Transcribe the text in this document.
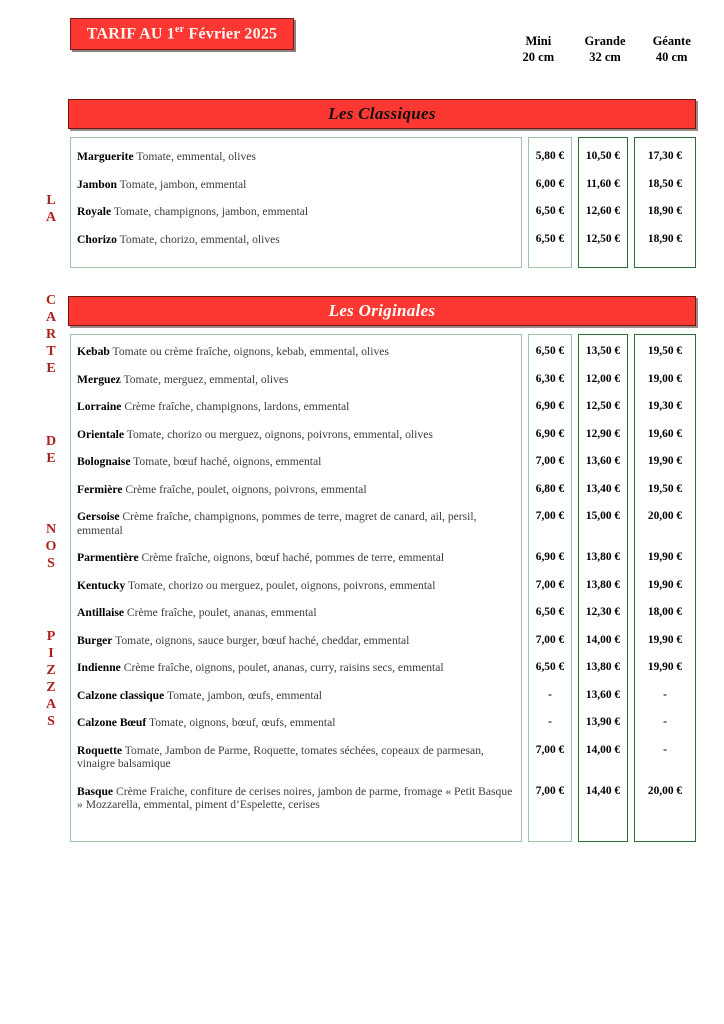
TARIF AU 1er Février 2025	Mini
20 cm
Grande
32 cm
Géante
40 cm
L
A
C
A
R
T
E
D
E
N
O
S
P
I
Z
Z
A
S
Les Classiques
Marguerite Tomate, emmental, olives
Jambon Tomate, jambon, emmental
Royale Tomate, champignons, jambon, emmental
Chorizo Tomate, chorizo, emmental, olives
5,80 €
6,00 €
6,50 €
6,50 €
10,50 €
11,60 €
12,60 €
12,50 €
17,30 €
18,50 €
18,90 €
18,90 €
Les Originales
Kebab Tomate ou crème fraîche, oignons, kebab, emmental, olives
Merguez Tomate, merguez, emmental, olives
Lorraine Crème fraîche, champignons, lardons, emmental
Orientale Tomate, chorizo ou merguez, oignons, poivrons, emmental, olives
Bolognaise Tomate, bœuf haché, oignons, emmental
Fermière Crème fraîche, poulet, oignons, poivrons, emmental
Gersoise Crème fraîche, champignons, pommes de terre, magret de canard, ail, persil, emmental
Parmentière Crème fraîche, oignons, bœuf haché, pommes de terre, emmental
Kentucky Tomate, chorizo ou merguez, poulet, oignons, poivrons, emmental
Antillaise Crème fraîche, poulet, ananas, emmental
Burger Tomate, oignons, sauce burger, bœuf haché, cheddar, emmental
Indienne Crème fraîche, oignons, poulet, ananas, curry, raisins secs, emmental
Calzone classique Tomate, jambon, œufs, emmental
Calzone Bœuf Tomate, oignons, bœuf, œufs, emmental
Roquette Tomate, Jambon de Parme, Roquette, tomates séchées, copeaux de parmesan, vinaigre balsamique
Basque Crème Fraiche, confiture de cerises noires, jambon de parme, fromage « Petit Basque » Mozzarella, emmental, piment d’Espelette, cerises
6,50 €
6,30 €
6,90 €
6,90 €
7,00 €
6,80 €
7,00 €
6,90 €
7,00 €
6,50 €
7,00 €
6,50 €
-
-
7,00 €
7,00 €
13,50 €
12,00 €
12,50 €
12,90 €
13,60 €
13,40 €
15,00 €
13,80 €
13,80 €
12,30 €
14,00 €
13,80 €
13,60 €
13,90 €
14,00 €
14,40 €
19,50 €
19,00 €
19,30 €
19,60 €
19,90 €
19,50 €
20,00 €
19,90 €
19,90 €
18,00 €
19,90 €
19,90 €
-
-
-
20,00 €
